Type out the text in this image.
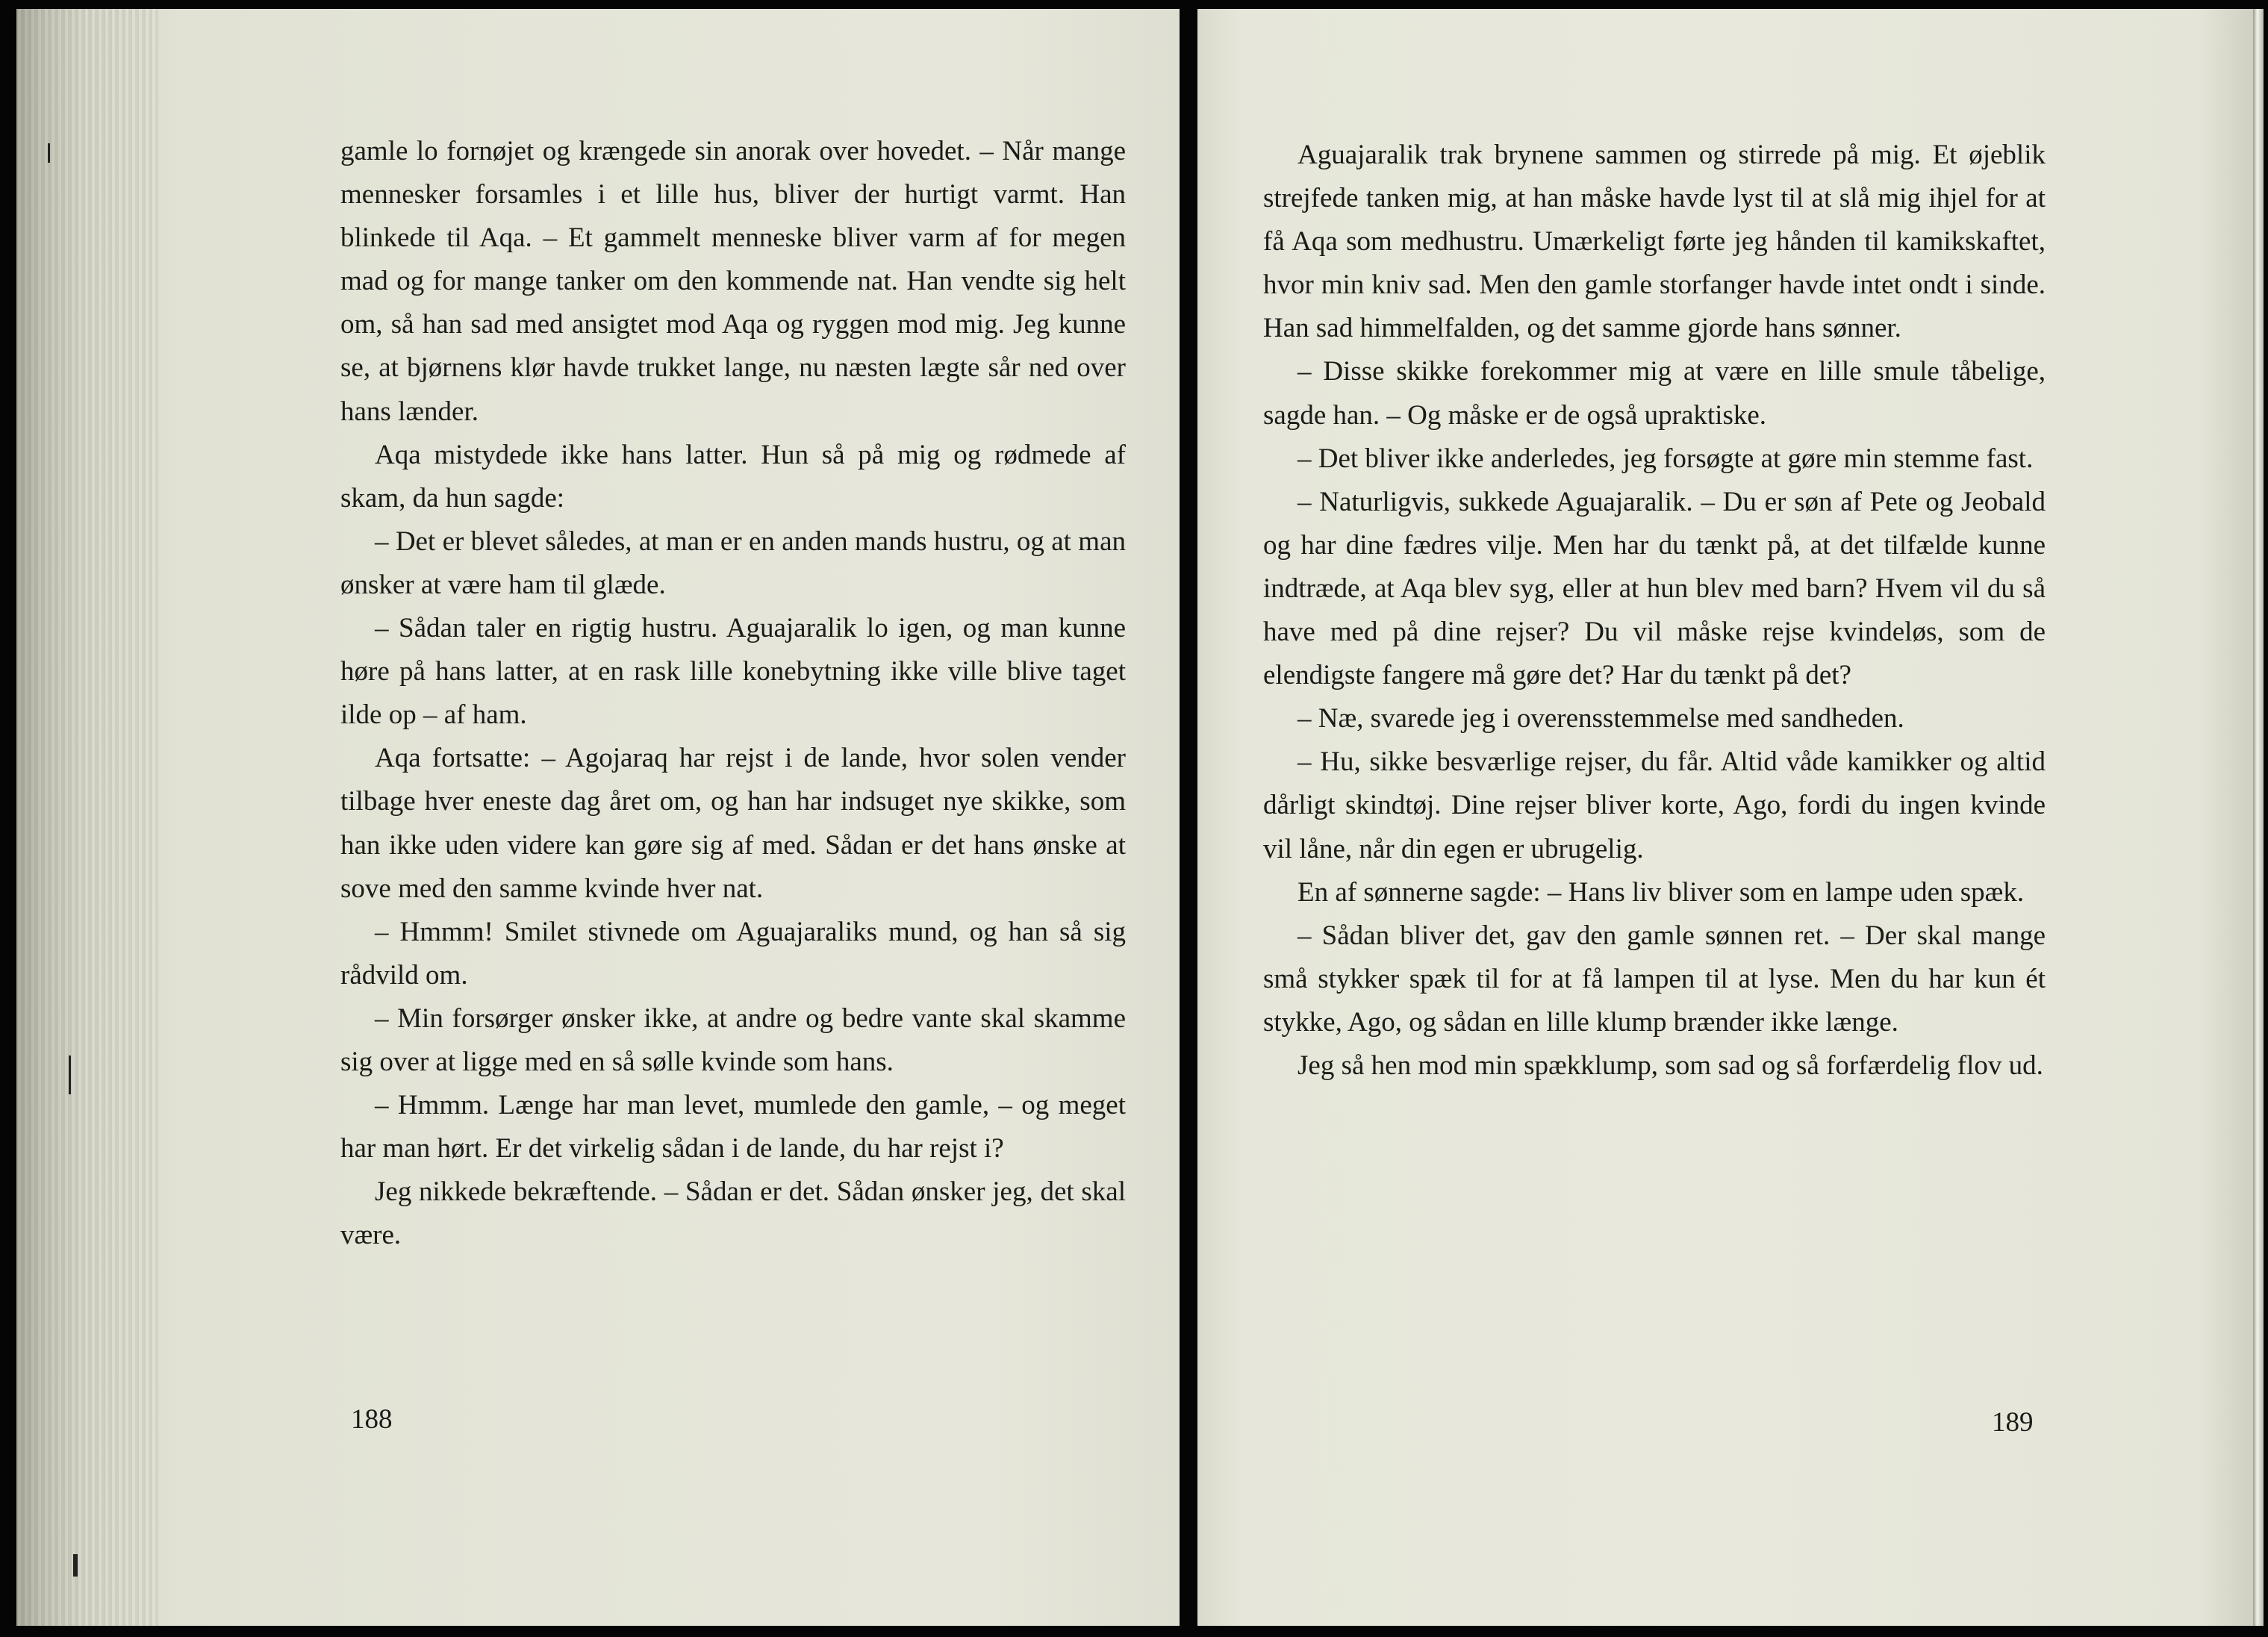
gamle lo fornøjet og krængede sin anorak over hovedet. – Når mange mennesker forsamles i et lille hus, bliver der hurtigt varmt. Han blinkede til Aqa. – Et gammelt menneske bliver varm af for megen mad og for mange tanker om den kommende nat. Han vendte sig helt om, så han sad med ansigtet mod Aqa og ryggen mod mig. Jeg kunne se, at bjørnens klør havde trukket lange, nu næsten lægte sår ned over hans lænder.

Aqa mistydede ikke hans latter. Hun så på mig og rødmede af skam, da hun sagde:

– Det er blevet således, at man er en anden mands hustru, og at man ønsker at være ham til glæde.

– Sådan taler en rigtig hustru. Aguajaralik lo igen, og man kunne høre på hans latter, at en rask lille konebytning ikke ville blive taget ilde op – af ham.

Aqa fortsatte: – Agojaraq har rejst i de lande, hvor solen vender tilbage hver eneste dag året om, og han har indsuget nye skikke, som han ikke uden videre kan gøre sig af med. Sådan er det hans ønske at sove med den samme kvinde hver nat.

– Hmmm! Smilet stivnede om Aguajaraliks mund, og han så sig rådvild om.

– Min forsørger ønsker ikke, at andre og bedre vante skal skamme sig over at ligge med en så sølle kvinde som hans.

– Hmmm. Længe har man levet, mumlede den gamle, – og meget har man hørt. Er det virkelig sådan i de lande, du har rejst i?

Jeg nikkede bekræftende. – Sådan er det. Sådan ønsker jeg, det skal være.

188

Aguajaralik trak brynene sammen og stirrede på mig. Et øjeblik strejfede tanken mig, at han måske havde lyst til at slå mig ihjel for at få Aqa som medhustru. Umærkeligt førte jeg hånden til kamikskaftet, hvor min kniv sad. Men den gamle storfanger havde intet ondt i sinde. Han sad himmelfalden, og det samme gjorde hans sønner.

– Disse skikke forekommer mig at være en lille smule tåbelige, sagde han. – Og måske er de også upraktiske.

– Det bliver ikke anderledes, jeg forsøgte at gøre min stemme fast.

– Naturligvis, sukkede Aguajaralik. – Du er søn af Pete og Jeobald og har dine fædres vilje. Men har du tænkt på, at det tilfælde kunne indtræde, at Aqa blev syg, eller at hun blev med barn? Hvem vil du så have med på dine rejser? Du vil måske rejse kvindeløs, som de elendigste fangere må gøre det? Har du tænkt på det?

– Næ, svarede jeg i overensstemmelse med sandheden.

– Hu, sikke besværlige rejser, du får. Altid våde kamikker og altid dårligt skindtøj. Dine rejser bliver korte, Ago, fordi du ingen kvinde vil låne, når din egen er ubrugelig.

En af sønnerne sagde: – Hans liv bliver som en lampe uden spæk.

– Sådan bliver det, gav den gamle sønnen ret. – Der skal mange små stykker spæk til for at få lampen til at lyse. Men du har kun ét stykke, Ago, og sådan en lille klump brænder ikke længe.

Jeg så hen mod min spækklump, som sad og så forfærdelig flov ud.

189
